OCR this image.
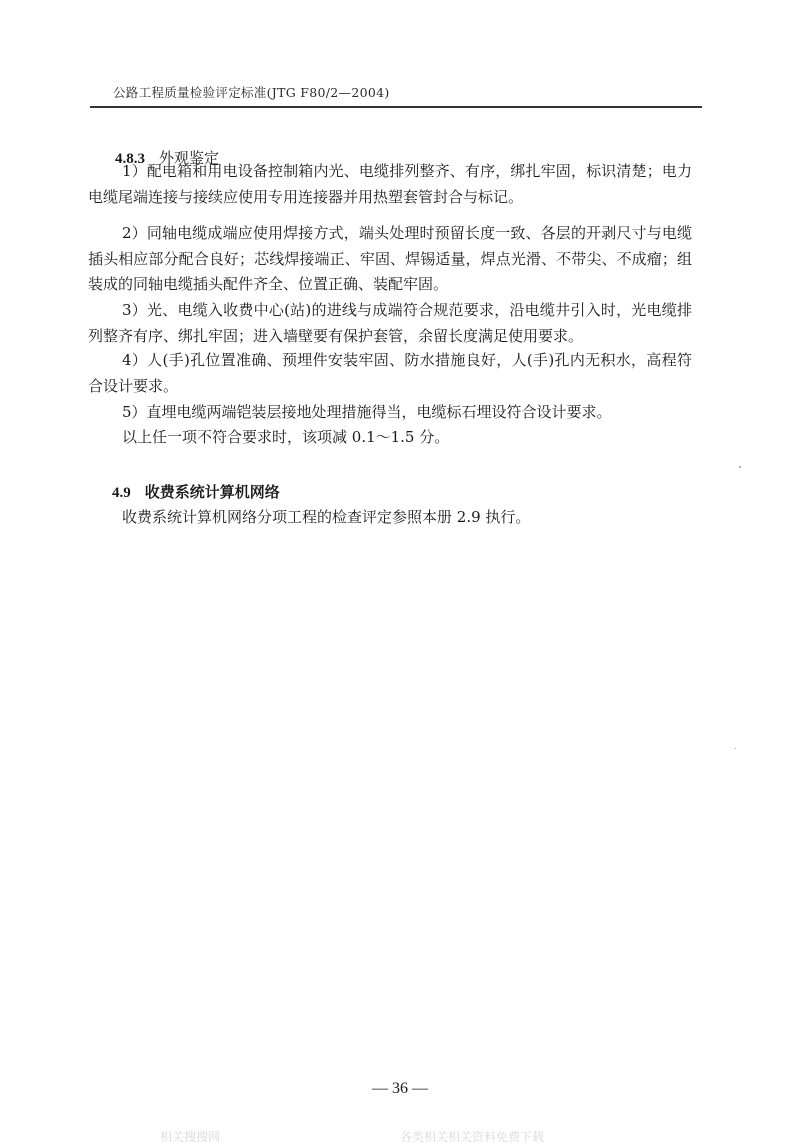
公路工程质量检验评定标准(JTG F80/2—2004)
4.8.3 外观鉴定

1）配电箱和用电设备控制箱内光、电缆排列整齐、有序，绑扎牢固，标识清楚；电力电缆尾端连接与接续应使用专用连接器并用热塑套管封合与标记。

2）同轴电缆成端应使用焊接方式，端头处理时预留长度一致、各层的开剥尺寸与电缆插头相应部分配合良好；芯线焊接端正、牢固、焊锡适量，焊点光滑、不带尖、不成瘤；组装成的同轴电缆插头配件齐全、位置正确、装配牢固。

3）光、电缆入收费中心(站)的进线与成端符合规范要求，沿电缆井引入时，光电缆排列整齐有序、绑扎牢固；进入墙壁要有保护套管，余留长度满足使用要求。

4）人(手)孔位置准确、预埋件安装牢固、防水措施良好，人(手)孔内无积水，高程符合设计要求。

5）直埋电缆两端铠装层接地处理措施得当，电缆标石埋设符合设计要求。

以上任一项不符合要求时，该项减 0.1～1.5 分。

4.9 收费系统计算机网络

收费系统计算机网络分项工程的检查评定参照本册 2.9 执行。

— 36 —
相关搜搜网	各类相关相关资料免费下载
